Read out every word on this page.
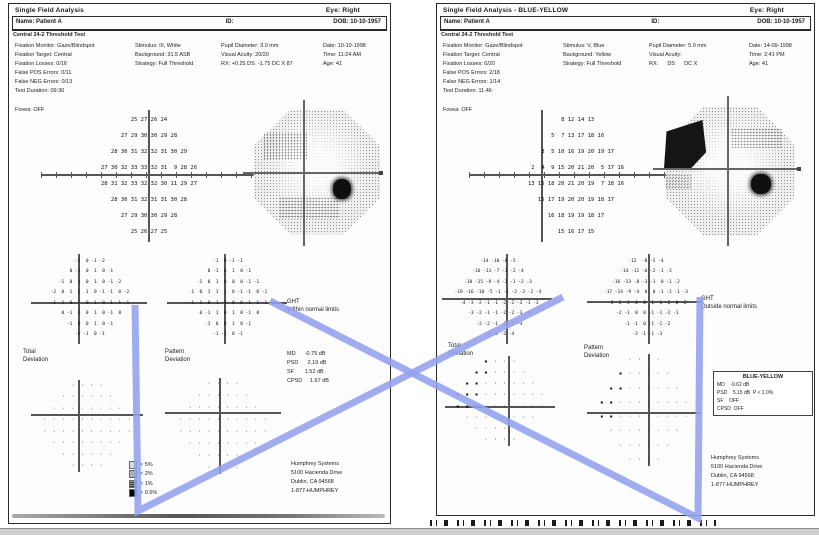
Single Field Analysis	Eye: Right
Name: Patient A	ID:	DOB: 10-10-1957
Central 24-2 Threshold Test
Fixation Monitor: Gaze/Blindspot
Fixation Target: Central
Fixation Losses: 0/16
False POS Errors: 0/11
False NEG Errors: 0/13
Test Duration: 09:30
Stimulus: III, White
Background: 31.5 ASB
Strategy: Full Threshold
Pupil Diameter: 3.0 mm
Visual Acuity: 20/20
RX: +0.25 DS  -1.75 DC X 87
Date: 10-10-1998
Time: 11:24 AM
Age: 41
Fovea: OFF
25 27 26 24
27 29 30 30 29 28
28 30 31 32 32 31 30 29
27 30 32 33 33 32 31  9 28 26
28 31 32 33 32 32 30 11 29 27
28 30 31 32 31 31 30 28
27 29 30 30 29 28
25 26 27 25
-1  0 -1 -2
0 -1  0  1  0 -1
-1  0  1  0  1  0 -1 -2
-2  0  1  2  1  0 -1 -1  0 -2
-1  1  0  1  0  1  0 -1  1 -1
0 -1  1  0  1  0 -1  0
-1  0  0  1  0 -1
-2 -1  0 -1
-1  0 -1 -1
0 -1  0  1  0 -1
-1  0  1  0  0  0 -1 -1
-1  0  1  1  1  0 -1 -1  0 -1
-1  1  0  1  0  0  0 -1  1 -1
0 -1  1  0  1  0 -1  0
-1  0  0  1  0 -1
-1 -1  0 -1
Total
Deviation
Pattern
Deviation
GHT
Within normal limits
MD      -0.75 dB
PSD      2.19 dB
SF       1.52 dB
CPSD     1.67 dB
·  ·  ·  ·
·  ·  ·  ·  ·  ·
·  ·  ·  ·  ·  ·  ·  ·
·  ·  ·  ·  ·  ·  ·  ·  ·  ·
·  ·  ·  ·  ·  ·  ·  ·  ·  ·
·  ·  ·  ·  ·  ·  ·  ·
·  ·  ·  ·  ·  ·
·  ·  ·  ·
·  ·  ·  ·
·  ·  ·  ·  ·  ·
·  ·  ·  ·  ·  ·  ·  ·
·  ·  ·  ·  ·  ·  ·  ·  ·  ·
·  ·  ·  ·  ·  ·  ·  ·  ·  ·
·  ·  ·  ·  ·  ·  ·  ·
·  ·  ·  ·  ·  ·
·  ·  ·  ·
< 5%
< 2%
< 1%
< 0.5%
Humphrey Systems
5100 Hacienda Drive
Dublin, CA 94568
1-877-HUMPHREY
Single Field Analysis - BLUE-YELLOW	Eye: Right
Name: Patient A	ID:	DOB: 10-10-1957
Central 24-2 Threshold Test
Fixation Monitor: Gaze/Blindspot
Fixation Target: Central
Fixation Losses: 0/20
False POS Errors: 2/18
False NEG Errors: 1/14
Test Duration: 11:46
Stimulus: V, Blue
Background: Yellow
Strategy: Full Threshold
Pupil Diameter: 5.0 mm
Visual Acuity:
RX:      DS      DC X
Date: 14-09-1998
Time: 2:41 PM
Age: 41
Fovea: OFF
8 12 14 13
5  7 13 17 18 16
3  5 10 16 19 20 19 17
2  4  9 15 20 21 20  5 17 16
13 15 18 20 21 20 19  7 18 16
15 17 19 20 20 19 18 17
16 18 19 19 18 17
15 16 17 15
-14 -10 -6 -5
-16 -13 -7 -3 -2 -4
-18 -15 -9 -4 -2 -1 -2 -3
-19 -16 -10 -5 -1 -1 -2 -3 -2 -4
-4 -3 -2 -1 -1 -2 -2 -3 -1 -3
-3 -2 -1 -1 -2 -2 -3 -2
-2 -2 -1 -2 -2 -3
-3 -2 -2 -4
-12  -8 -5 -4
-14 -11 -6 -2 -1 -3
-16 -13 -8 -3 -1  0 -1 -2
-17 -14 -9 -4  0  0 -1 -2 -1 -3
-3 -2 -1  0  0 -1 -1 -2  0 -2
-2 -1  0  0 -1 -1 -2 -1
-1 -1  0 -1 -1 -2
-2 -1 -1 -3
Total
Deviation
Pattern
Deviation
GHT
Outside normal limits
▪  ·  ·  ·
▪  ▪  ·  ·  ·  ·
▪  ▪  ·  ·  ·  ·  ·  ·
▪  ▪  ▪  ·  ·  ·  ·  ·  ·  ·
▪  ▪  ·  ·  ·  ·  ·  ·  ·  ·
·  ·  ·  ·  ·  ·  ·  ·
·  ·  ·  ·  ·  ·
·  ·  ·  ·
·  ·  ·  ·
▪  ·  ·  ·  ·  ·
▪  ▪  ·  ·  ·  ·  ·  ·
▪  ▪  ·  ·  ·  ·  ·  ·  ·  ·
▪  ▪  ·  ·  ·  ·  ·  ·  ·  ·
·  ·  ·  ·  ·  ·  ·  ·
·  ·  ·  ·  ·  ·
·  ·  ·  ·
BLUE-YELLOW
MD    -9.62 dB
PSD    5.15 dB  P < 1.0%
SF    OFF
CPSD  OFF
Humphrey Systems
5100 Hacienda Drive
Dublin, CA 94568
1-877-HUMPHREY
